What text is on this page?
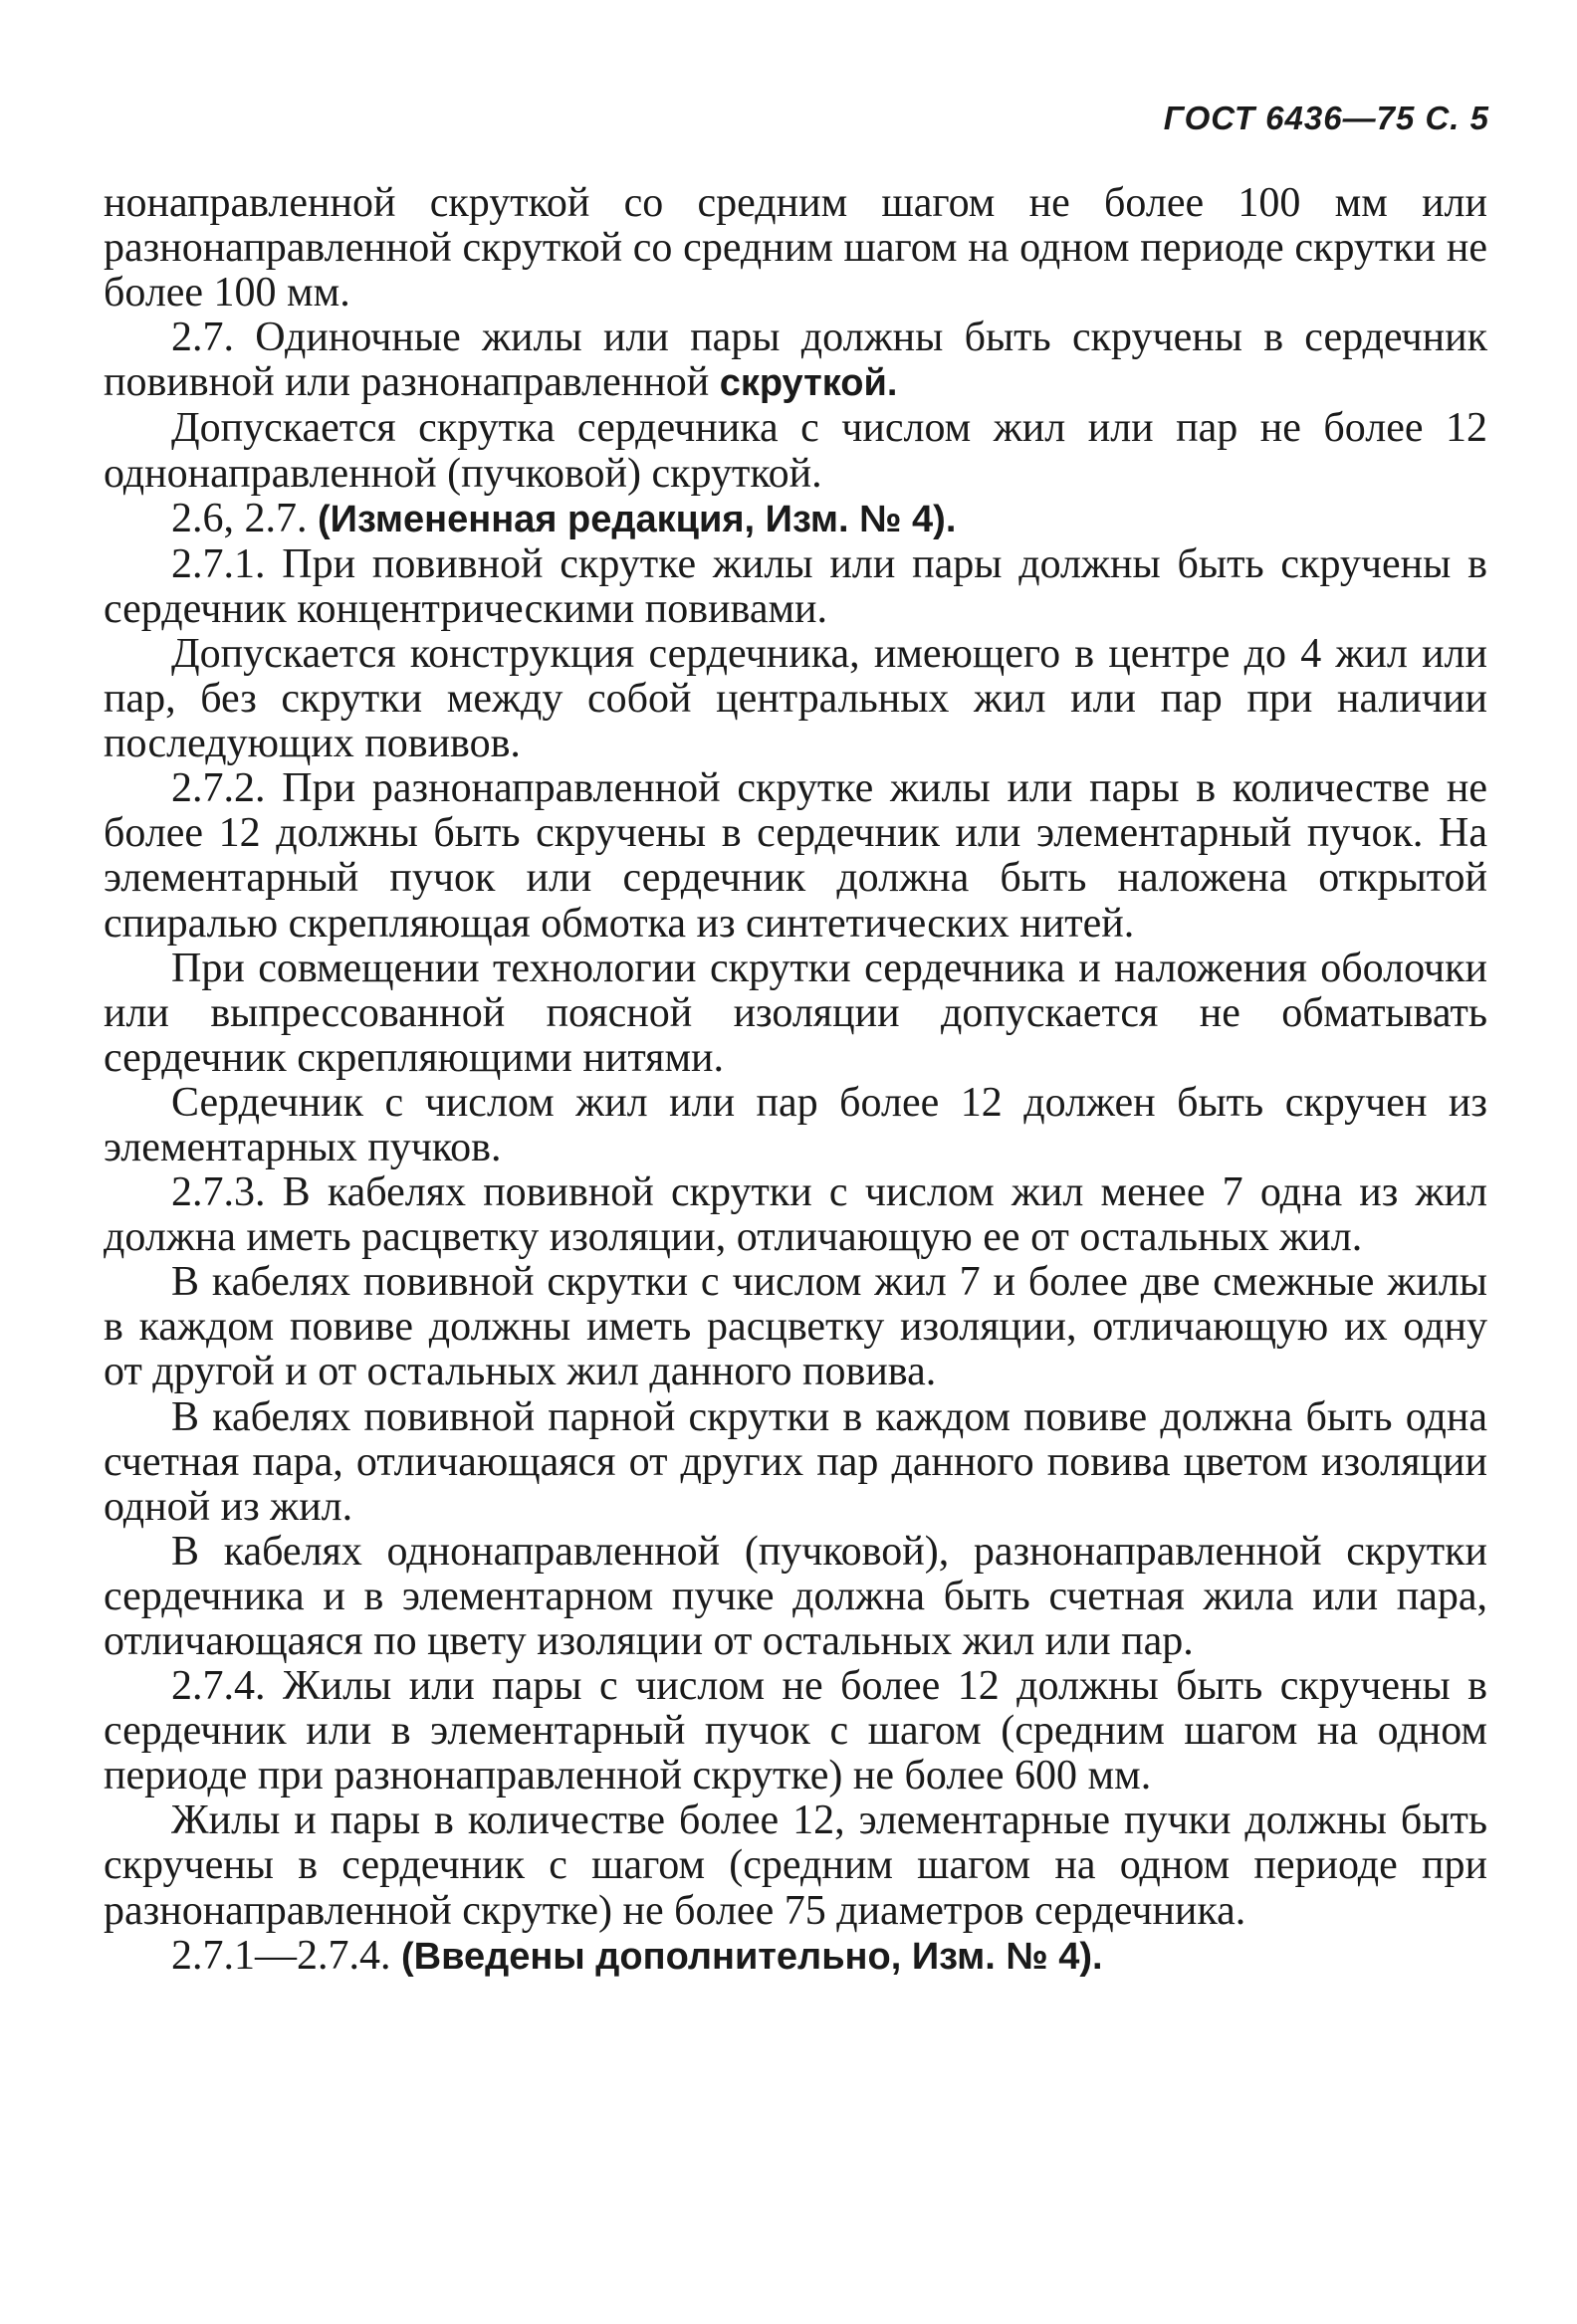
ГОСТ 6436—75 С. 5

нонаправленной скруткой со средним шагом не более 100 мм или разнонаправленной скруткой со средним шагом на одном периоде скрутки не более 100 мм.

2.7. Одиночные жилы или пары должны быть скручены в сердечник повивной или разнонаправленной скруткой.

Допускается скрутка сердечника с числом жил или пар не более 12 однонаправленной (пучковой) скруткой.

2.6, 2.7. (Измененная редакция, Изм. № 4).

2.7.1. При повивной скрутке жилы или пары должны быть скручены в сердечник концентрическими повивами.

Допускается конструкция сердечника, имеющего в центре до 4 жил или пар, без скрутки между собой центральных жил или пар при наличии последующих повивов.

2.7.2. При разнонаправленной скрутке жилы или пары в количестве не более 12 должны быть скручены в сердечник или элементарный пучок. На элементарный пучок или сердечник должна быть наложена открытой спиралью скрепляющая обмотка из синтетических нитей.

При совмещении технологии скрутки сердечника и наложения оболочки или выпрессованной поясной изоляции допускается не обматывать сердечник скрепляющими нитями.

Сердечник с числом жил или пар более 12 должен быть скручен из элементарных пучков.

2.7.3. В кабелях повивной скрутки с числом жил менее 7 одна из жил должна иметь расцветку изоляции, отличающую ее от остальных жил.

В кабелях повивной скрутки с числом жил 7 и более две смежные жилы в каждом повиве должны иметь расцветку изоляции, отличающую их одну от другой и от остальных жил данного повива.

В кабелях повивной парной скрутки в каждом повиве должна быть одна счетная пара, отличающаяся от других пар данного повива цветом изоляции одной из жил.

В кабелях однонаправленной (пучковой), разнонаправленной скрутки сердечника и в элементарном пучке должна быть счетная жила или пара, отличающаяся по цвету изоляции от остальных жил или пар.

2.7.4. Жилы или пары с числом не более 12 должны быть скручены в сердечник или в элементарный пучок с шагом (средним шагом на одном периоде при разнонаправленной скрутке) не более 600 мм.

Жилы и пары в количестве более 12, элементарные пучки должны быть скручены в сердечник с шагом (средним шагом на одном периоде при разнонаправленной скрутке) не более 75 диаметров сердечника.

2.7.1—2.7.4. (Введены дополнительно, Изм. № 4).
